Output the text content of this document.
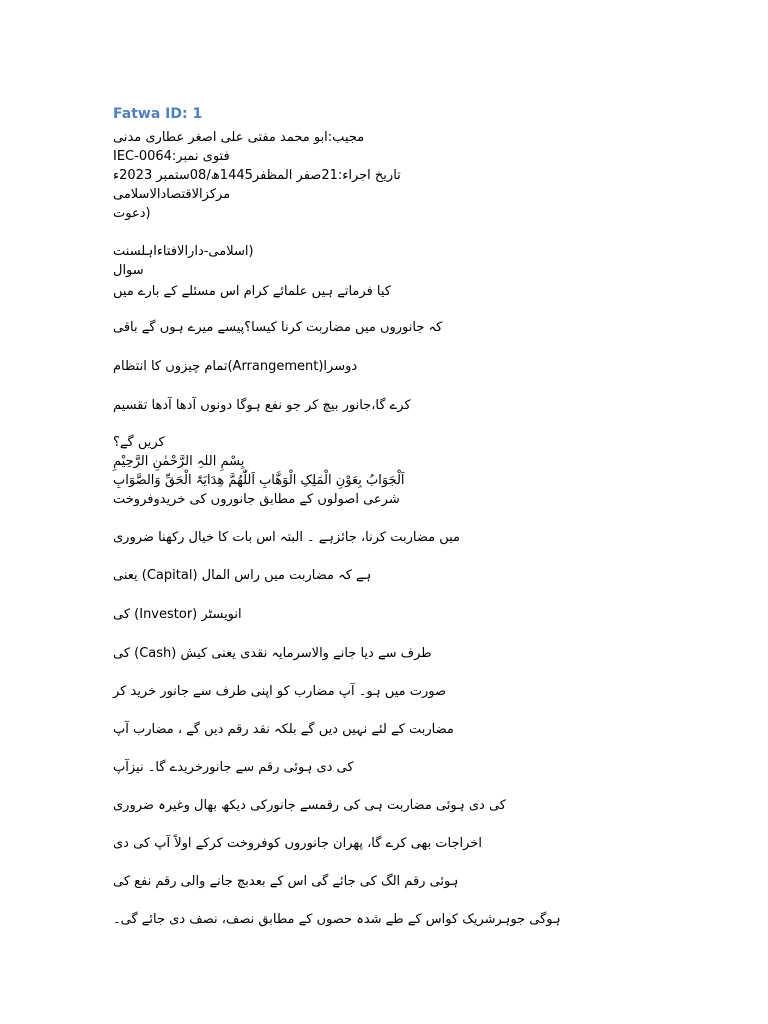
Fatwa ID: 1
مجیب:ابو محمد مفتی علی اصغر عطاری مدنی
فتوی نمبر:IEC-0064
تاریخ اجراء:21صفر المظفر1445ھ/08ستمبر 2023ء
مرکزالاقتصادالاسلامی
(دعوت
(اسلامی-دارالافتاءاہلسنت
سوال
کیا فرماتے ہیں علمائے کرام اس مسئلے کے بارے میں
کہ جانوروں میں مضاربت کرنا کیسا؟پیسے میرے ہوں گے باقی
دوسرا(Arrangement)تمام چیزوں کا انتظام
کرے گا،جانور بیچ کر جو نفع ہوگا دونوں آدھا آدھا تقسیم
کریں گے؟
بِسْمِ اللہِ الرَّحْمٰنِ الرَّحِیْمِ
اَلْجَوَابُ بِعَوْنِ الْمَلِکِ الْوَھَّابِ اَللّٰھُمَّ ھِدَایَۃَ الْحَقِّ وَالصَّوَابِ
شرعی اصولوں کے مطابق جانوروں کی خریدوفروخت
میں مضاربت کرنا، جائزہے ۔ البتہ اس بات کا خیال رکھنا ضروری
ہے کہ مضاربت میں راس المال (Capital) یعنی
انویسٹر (Investor) کی
طرف سے دیا جانے والاسرمایہ نقدی یعنی کیش (Cash) کی
صورت میں ہو۔ آپ مضارب کو اپنی طرف سے جانور خرید کر
مضاربت کے لئے نہیں دیں گے بلکہ نقد رقم دیں گے ، مضارب آپ
کی دی ہوئی رقم سے جانورخریدے گا۔ نیزآپ
کی دی ہوئی مضاربت ہی کی رقمسے جانورکی دیکھ بھال وغیرہ ضروری
اخراجات بھی کرے گا، پھران جانوروں کوفروخت کرکے اولاً آپ کی دی
ہوئی رقم الگ کی جائے گی اس کے بعدبچ جانے والی رقم نفع کی
ہوگی جوہرشریک کواس کے طے شدہ حصوں کے مطابق نصف، نصف دی جائے گی۔
